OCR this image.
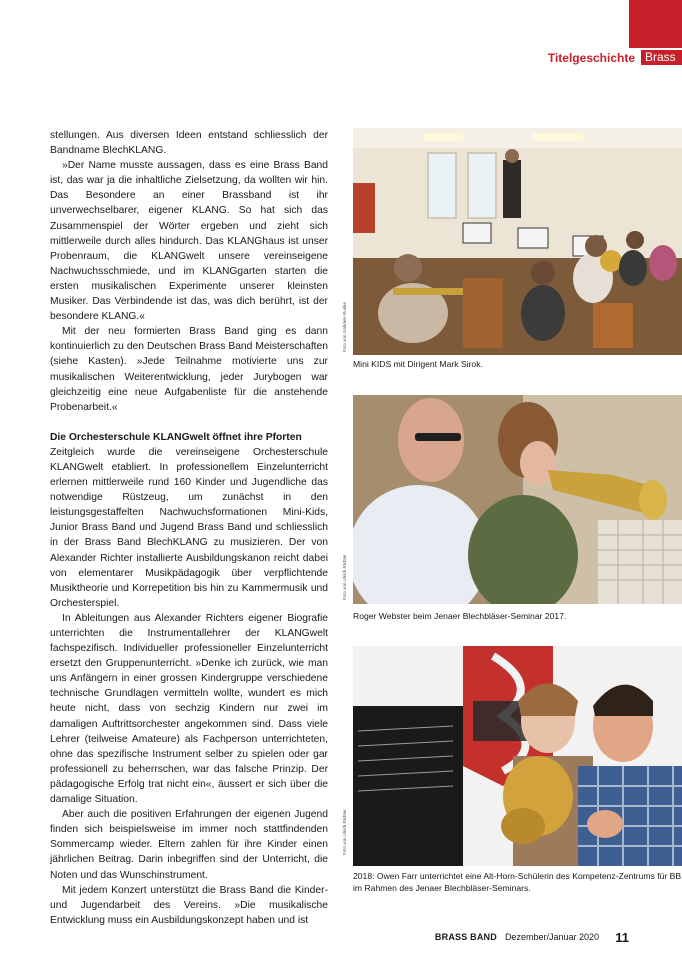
Titelgeschichte Brass

stellungen. Aus diversen Ideen entstand schliesslich der Bandname BlechKLANG.

»Der Name musste aussagen, dass es eine Brass Band ist, das war ja die inhaltliche Zielsetzung, da wollten wir hin. Das Besondere an einer Brassband ist ihr unverwechselbarer, eigener KLANG. So hat sich das Zusammenspiel der Wörter ergeben und zieht sich mittlerweile durch alles hindurch. Das KLANGhaus ist unser Probenraum, die KLANGwelt unsere vereinseigene Nachwuchsschmiede, und im KLANGgarten starten die ersten musikalischen Experimente unserer kleinsten Musiker. Das Verbindende ist das, was dich berührt, ist der besondere KLANG.«

Mit der neu formierten Brass Band ging es dann kontinuierlich zu den Deutschen Brass Band Meisterschaften (siehe Kasten). »Jede Teilnahme motivierte uns zur musikalischen Weiterentwicklung, jeder Jurybogen war gleichzeitig eine neue Aufgabenliste für die anstehende Probenarbeit.«

Die Orchesterschule KLANGwelt öffnet ihre Pforten

Zeitgleich wurde die vereinseigene Orchesterschule KLANGwelt etabliert. In professionellem Einzelunterricht erlernen mittlerweile rund 160 Kinder und Jugendliche das notwendige Rüstzeug, um zunächst in den leistungsgestaffelten Nachwuchsformationen Mini-Kids, Junior Brass Band und Jugend Brass Band und schliesslich in der Brass Band BlechKLANG zu musizieren. Der von Alexander Richter installierte Ausbildungskanon reicht dabei von elementarer Musikpädagogik über verpflichtende Musiktheorie und Korrepetition bis hin zu Kammermusik und Orchesterspiel.

In Ableitungen aus Alexander Richters eigener Biografie unterrichten die Instrumentallehrer der KLANGwelt fachspezifisch. Individueller professioneller Einzelunterricht ersetzt den Gruppenunterricht. »Denke ich zurück, wie man uns Anfängern in einer grossen Kindergruppe verschiedene technische Grundlagen vermitteln wollte, wundert es mich heute nicht, dass von sechzig Kindern nur zwei im damaligen Auftrittsorchester angekommen sind. Dass viele Lehrer (teilweise Amateure) als Fachperson unterrichteten, ohne das spezifische Instrument selber zu spielen oder gar professionell zu beherrschen, war das falsche Prinzip. Der pädagogische Erfolg trat nicht ein«, äussert er sich über die damalige Situation.

Aber auch die positiven Erfahrungen der eigenen Jugend finden sich beispielsweise im immer noch stattfindenden Sommercamp wieder. Eltern zahlen für ihre Kinder einen jährlichen Beitrag. Darin inbegriffen sind der Unterricht, die Noten und das Wunschinstrument.

Mit jedem Konzert unterstützt die Brass Band die Kinder- und Jugendarbeit des Vereins. »Die musikalische Entwicklung muss ein Ausbildungskonzept haben und ist

Foto von Gabriele Runke
Mini KIDS mit Dirigent Mark Sirok.
Foto von Ulrich Richter
Roger Webster beim Jenaer Blechbläser-Seminar 2017.
Foto von Ulrich Richter
2018: Owen Farr unterrichtet eine Alt-Horn-Schülerin des Kompetenz-Zentrums für BB im Rahmen des Jenaer Blechbläser-Seminars.
BRASS BAND Dezember/Januar 2020 11
